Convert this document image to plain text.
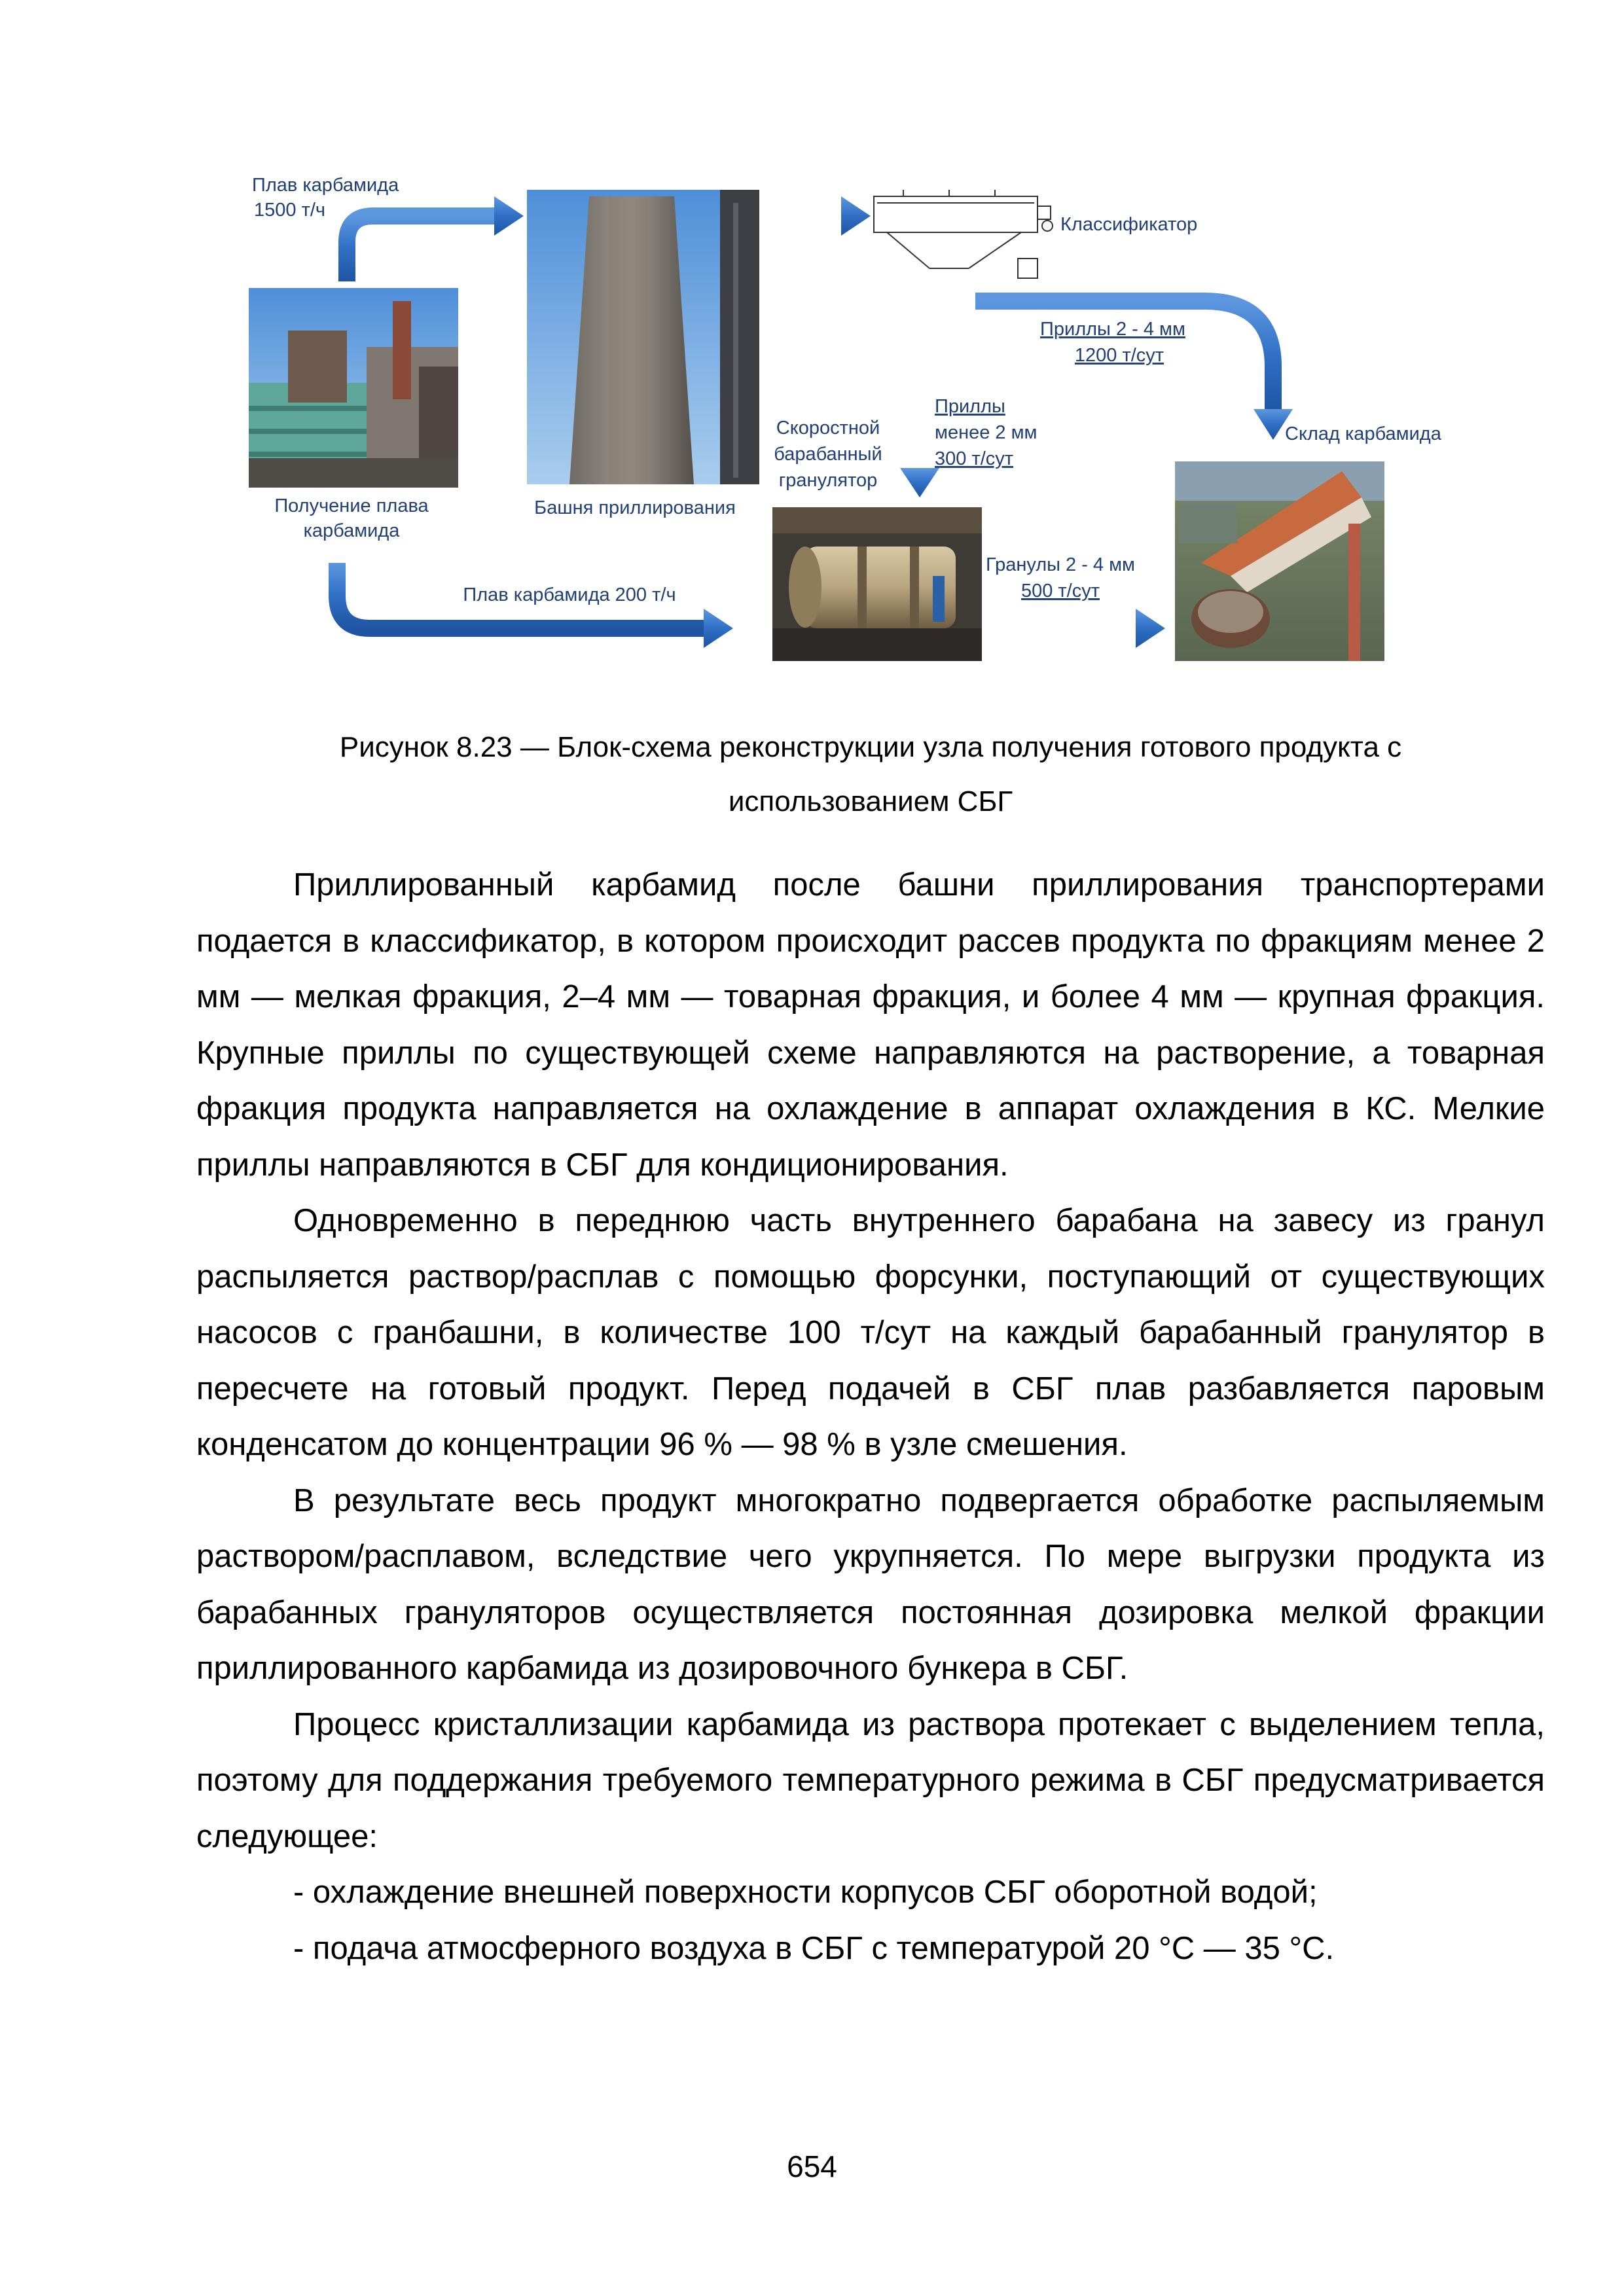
Плав карбамида
1500 т/ч
Получение плава
карбамида
Башня приллирования
Классификатор
Приллы 2 - 4 мм
1200 т/сут
Приллы
менее 2 мм
300 т/сут
Скоростной
барабанный
гранулятор
Склад карбамида
Плав карбамида 200 т/ч
Гранулы 2 - 4 мм
500 т/сут
Рисунок 8.23 — Блок-схема реконструкции узла получения готового продукта с
использованием СБГ

Приллированный карбамид после башни приллирования транспортерами подается в классификатор, в котором происходит рассев продукта по фракциям менее 2 мм — мелкая фракция, 2–4 мм — товарная фракция, и более 4 мм — крупная фракция. Крупные приллы по существующей схеме направляются на растворение, а товарная фракция продукта направляется на охлаждение в аппарат охлаждения в КС. Мелкие приллы направляются в СБГ для кондиционирования.

Одновременно в переднюю часть внутреннего барабана на завесу из гранул распыляется раствор/расплав с помощью форсунки, поступающий от существующих насосов с гранбашни, в количестве 100 т/сут на каждый барабанный гранулятор в пересчете на готовый продукт. Перед подачей в СБГ плав разбавляется паровым конденсатом до концентрации 96 % — 98 % в узле смешения.

В результате весь продукт многократно подвергается обработке распыляемым раствором/расплавом, вследствие чего укрупняется. По мере выгрузки продукта из барабанных грануляторов осуществляется постоянная дозировка мелкой фракции приллированного карбамида из дозировочного бункера в СБГ.

Процесс кристаллизации карбамида из раствора протекает с выделением тепла, поэтому для поддержания требуемого температурного режима в СБГ предусматривается следующее:

- охлаждение внешней поверхности корпусов СБГ оборотной водой;

- подача атмосферного воздуха в СБГ с температурой 20 °С — 35 °С.

654
